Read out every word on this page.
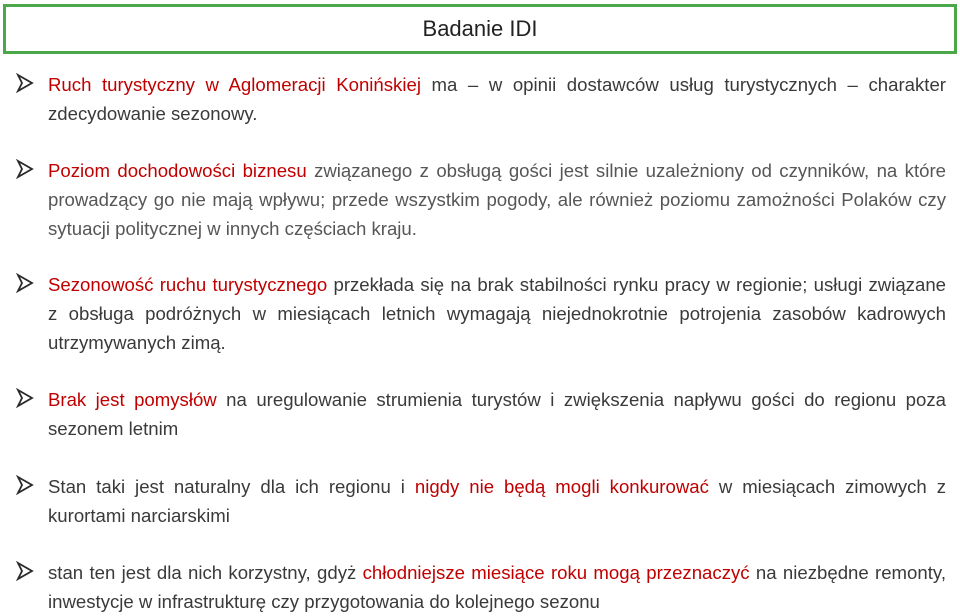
Badanie IDI
Ruch turystyczny w Aglomeracji Konińskiej ma – w opinii dostawców usług turystycznych – charakter zdecydowanie sezonowy.
Poziom dochodowości biznesu związanego z obsługą gości jest silnie uzależniony od czynników, na które prowadzący go nie mają wpływu; przede wszystkim pogody, ale również poziomu zamożności Polaków czy sytuacji politycznej w innych częściach kraju.
Sezonowość ruchu turystycznego przekłada się na brak stabilności rynku pracy w regionie; usługi związane z obsługa podróżnych w miesiącach letnich wymagają niejednokrotnie potrojenia zasobów kadrowych utrzymywanych zimą.
Brak jest pomysłów na uregulowanie strumienia turystów i zwiększenia napływu gości do regionu poza sezonem letnim
Stan taki jest naturalny dla ich regionu i nigdy nie będą mogli konkurować w miesiącach zimowych z kurortami narciarskimi
stan ten jest dla nich korzystny, gdyż chłodniejsze miesiące roku mogą przeznaczyć na niezbędne remonty, inwestycje w infrastrukturę czy przygotowania do kolejnego sezonu
